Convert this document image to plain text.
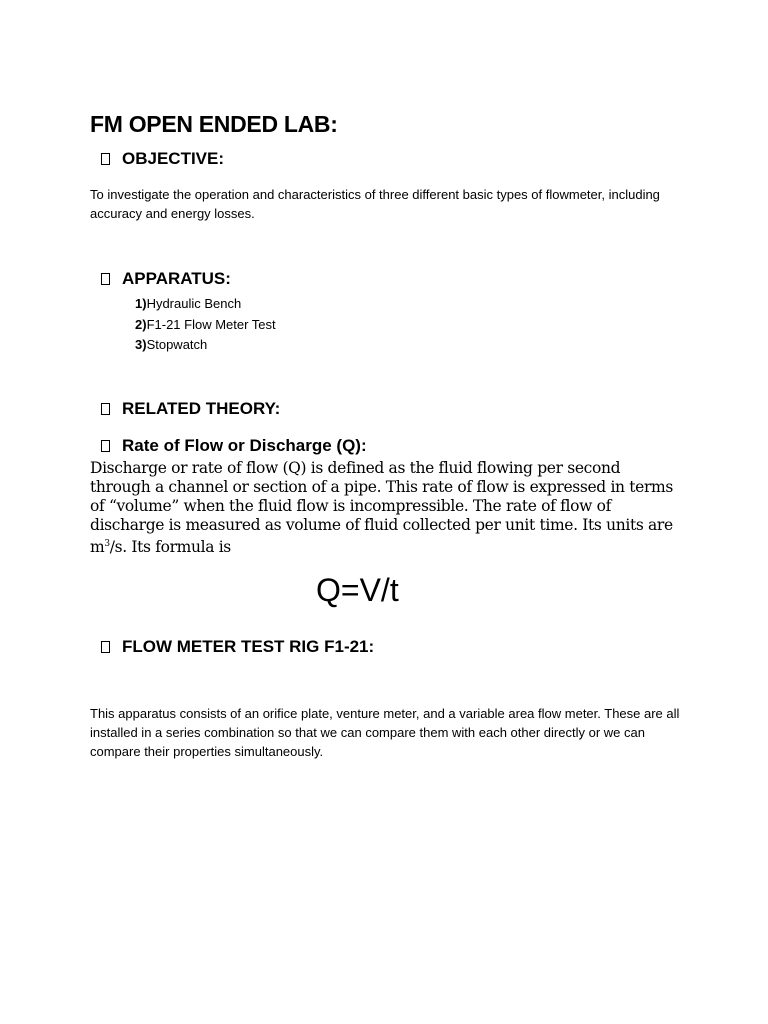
FM OPEN ENDED LAB:
OBJECTIVE:

To investigate the operation and characteristics of three different basic types of flowmeter, including accuracy and energy losses.

APPARATUS:
1)Hydraulic Bench
2)F1-21 Flow Meter Test
3)Stopwatch
RELATED THEORY:
Rate of Flow or Discharge (Q):

Discharge or rate of flow (Q) is defined as the fluid flowing per second through a channel or section of a pipe. This rate of flow is expressed in terms of “volume” when the fluid flow is incompressible. The rate of flow of discharge is measured as volume of fluid collected per unit time. Its units are $m^3/s$. Its formula is

Q=V/t
FLOW METER TEST RIG F1-21:

This apparatus consists of an orifice plate, venture meter, and a variable area flow meter. These are all installed in a series combination so that we can compare them with each other directly or we can compare their properties simultaneously.
